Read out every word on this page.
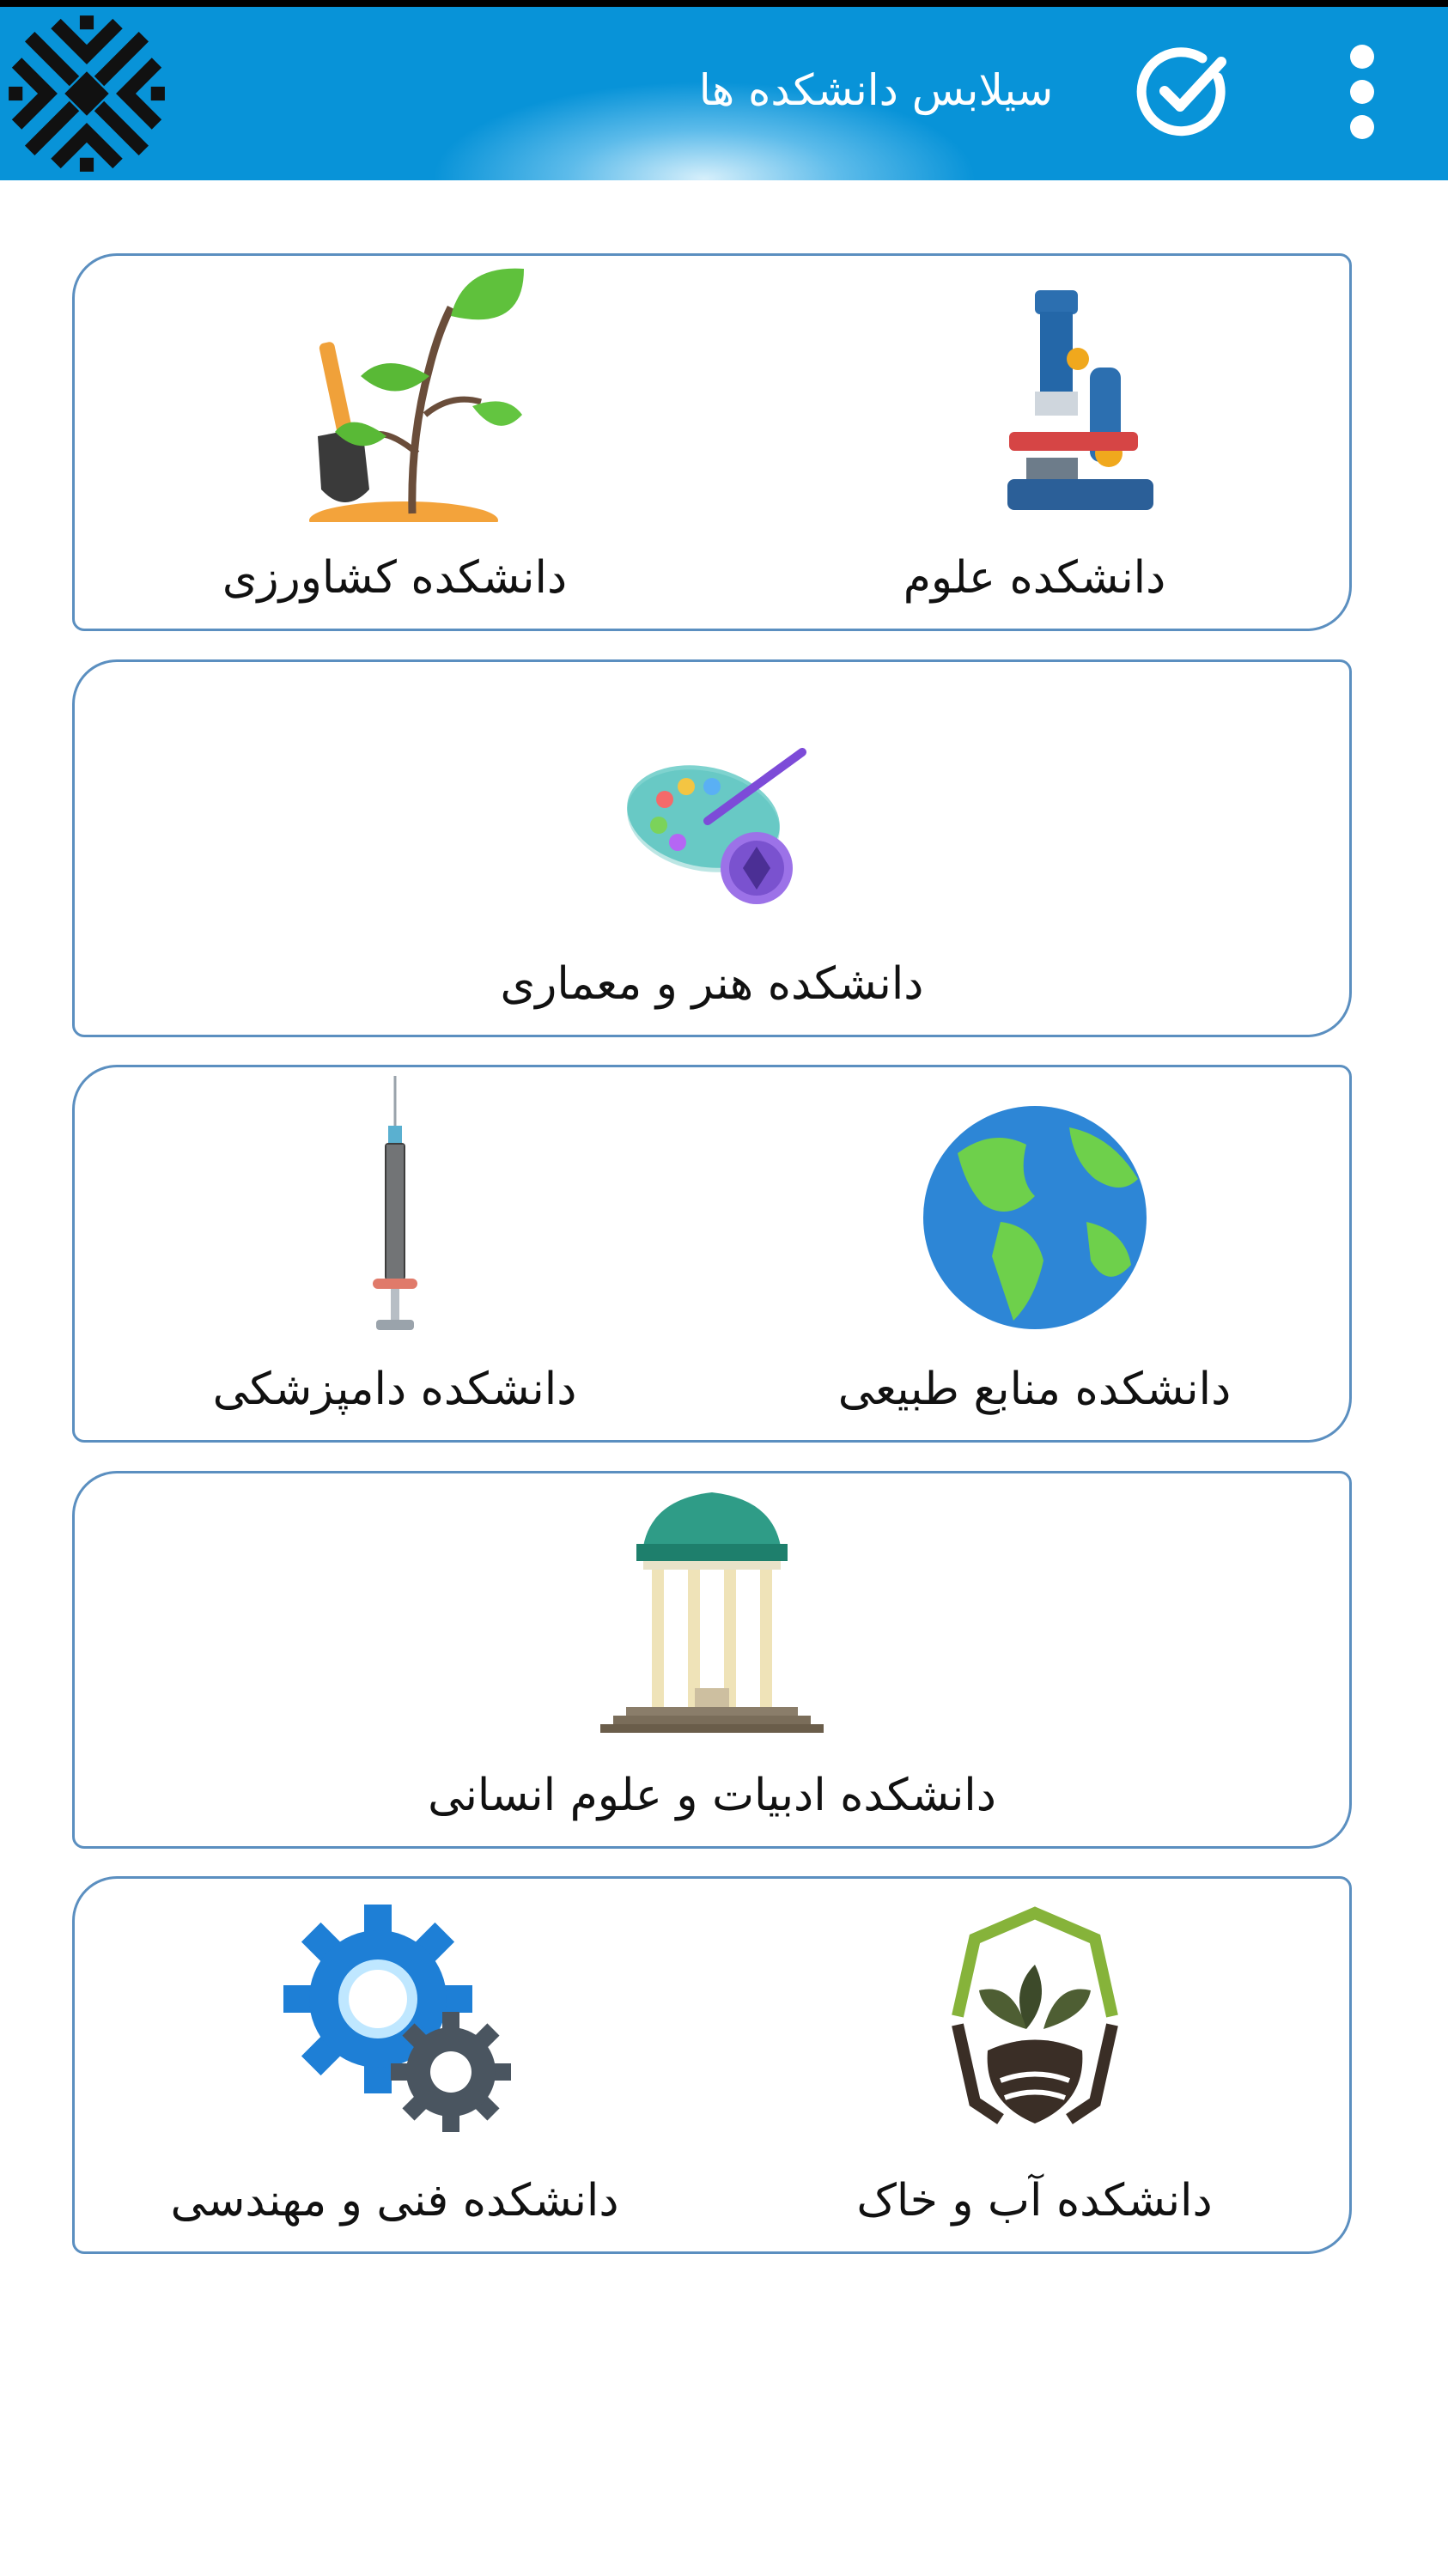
سیلابس دانشکده ها
دانشکده علوم
دانشکده کشاورزی
دانشکده هنر و معماری
دانشکده منابع طبیعی
دانشکده دامپزشکی
دانشکده ادبیات و علوم انسانی
دانشکده آب و خاک
دانشکده فنی و مهندسی
